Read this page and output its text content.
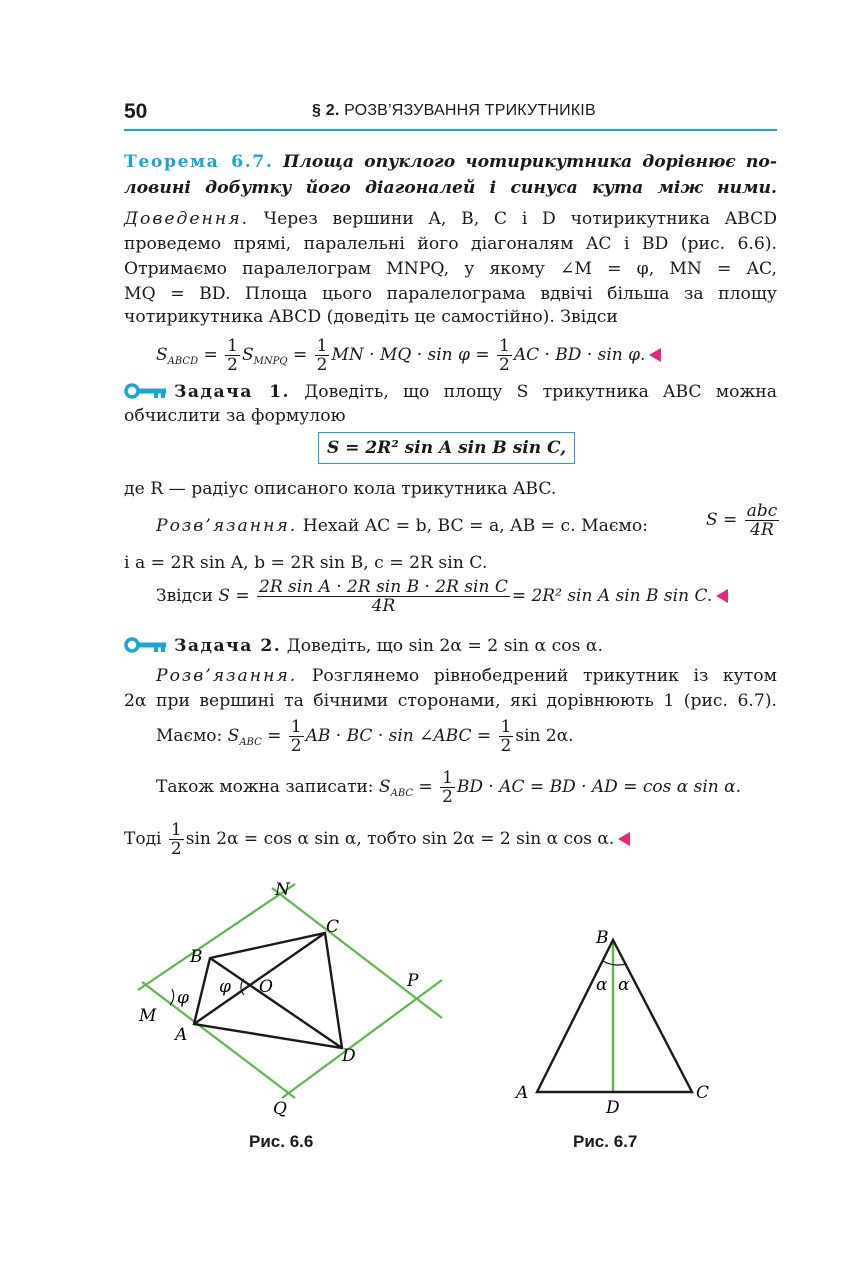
50	§ 2. РОЗВ’ЯЗУВАННЯ ТРИКУТНИКІВ
Теорема 6.7. Площа опуклого чотирикутника дорівнює по-
ловині добутку його діагоналей і синуса кута між ними.
Доведення. Через вершини A, B, C і D чотирикутника ABCD
проведемо прямі, паралельні його діагоналям AC і BD (рис. 6.6).
Отримаємо паралелограм MNPQ, у якому ∠M = φ, MN = AC,
MQ = BD. Площа цього паралелограма вдвічі більша за площу
чотирикутника ABCD (доведіть це самостійно). Звідси
$S_{ABCD} = \frac{1}{2} S_{MNPQ} = \frac{1}{2}$ MN · MQ · $\sin \varphi = \frac{1}{2}$ AC · BD · sin φ.
Задача 1. Доведіть, що площу S трикутника ABC можна
обчислити за формулою
S = 2R² sin A sin B sin C,
де R — радіус описаного кола трикутника ABC.
Розв’язання. Нехай AC = b, BC = a, AB = c. Маємо:	$S = \frac{\text{abc}}{4R}$
і a = 2R sin A, b = 2R sin B, c = 2R sin C.
Звідси $S = \frac{\text{2R sin A · 2R sin B · 2R sin C}}{4R} = 2R^2$ sin A sin B sin C.
Задача 2. Доведіть, що sin 2α = 2 sin α cos α.
Розв’язання. Розглянемо рівнобедрений трикутник із кутом
2α при вершині та бічними сторонами, які дорівнюють 1 (рис. 6.7).
Маємо: $S_{ABC} = \frac{1}{2}$ AB · BC · sin ∠ABC = $\frac{1}{2}$ sin 2α.
Також можна записати: $S_{ABC} = \frac{1}{2}$ BD · AC = BD · AD = cos α sin α.
Тоді $\frac{1}{2}$ sin 2α = cos α sin α, тобто sin 2α = 2 sin α cos α.
N
C
B
P
φ O
φ
M
A
D
Q
Рис. 6.6
B
α α
A
D
C
Рис. 6.7
